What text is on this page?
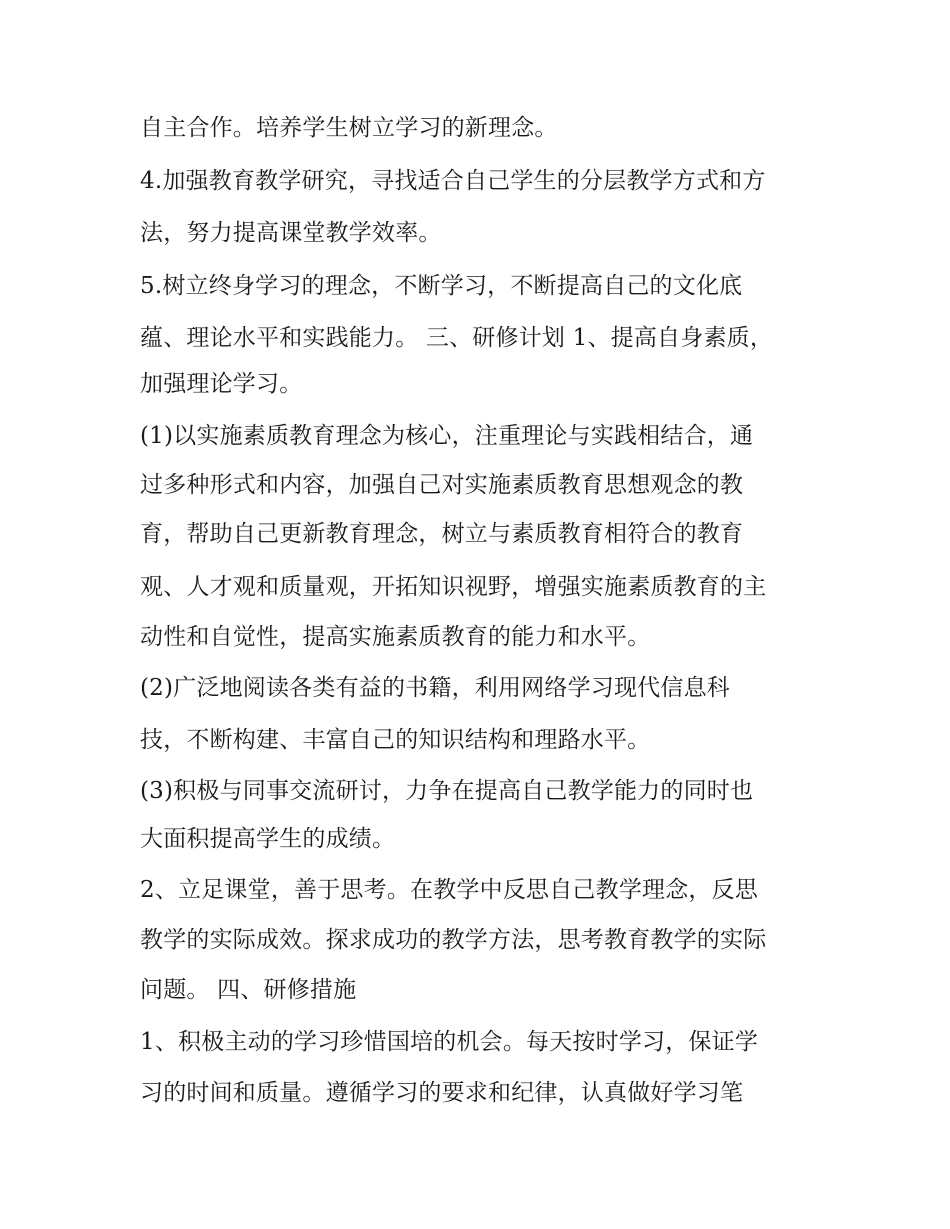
自主合作。培养学生树立学习的新理念。
4.加强教育教学研究，寻找适合自己学生的分层教学方式和方
法，努力提高课堂教学效率。
5.树立终身学习的理念，不断学习，不断提高自己的文化底
蕴、理论水平和实践能力。 三、研修计划 1、提高自身素质，
加强理论学习。
(1)以实施素质教育理念为核心，注重理论与实践相结合，通
过多种形式和内容，加强自己对实施素质教育思想观念的教
育，帮助自己更新教育理念，树立与素质教育相符合的教育
观、人才观和质量观，开拓知识视野，增强实施素质教育的主
动性和自觉性，提高实施素质教育的能力和水平。
(2)广泛地阅读各类有益的书籍，利用网络学习现代信息科
技，不断构建、丰富自己的知识结构和理路水平。
(3)积极与同事交流研讨，力争在提高自己教学能力的同时也
大面积提高学生的成绩。
2、立足课堂，善于思考。在教学中反思自己教学理念，反思
教学的实际成效。探求成功的教学方法，思考教育教学的实际
问题。 四、研修措施
1、积极主动的学习珍惜国培的机会。每天按时学习，保证学
习的时间和质量。遵循学习的要求和纪律，认真做好学习笔
